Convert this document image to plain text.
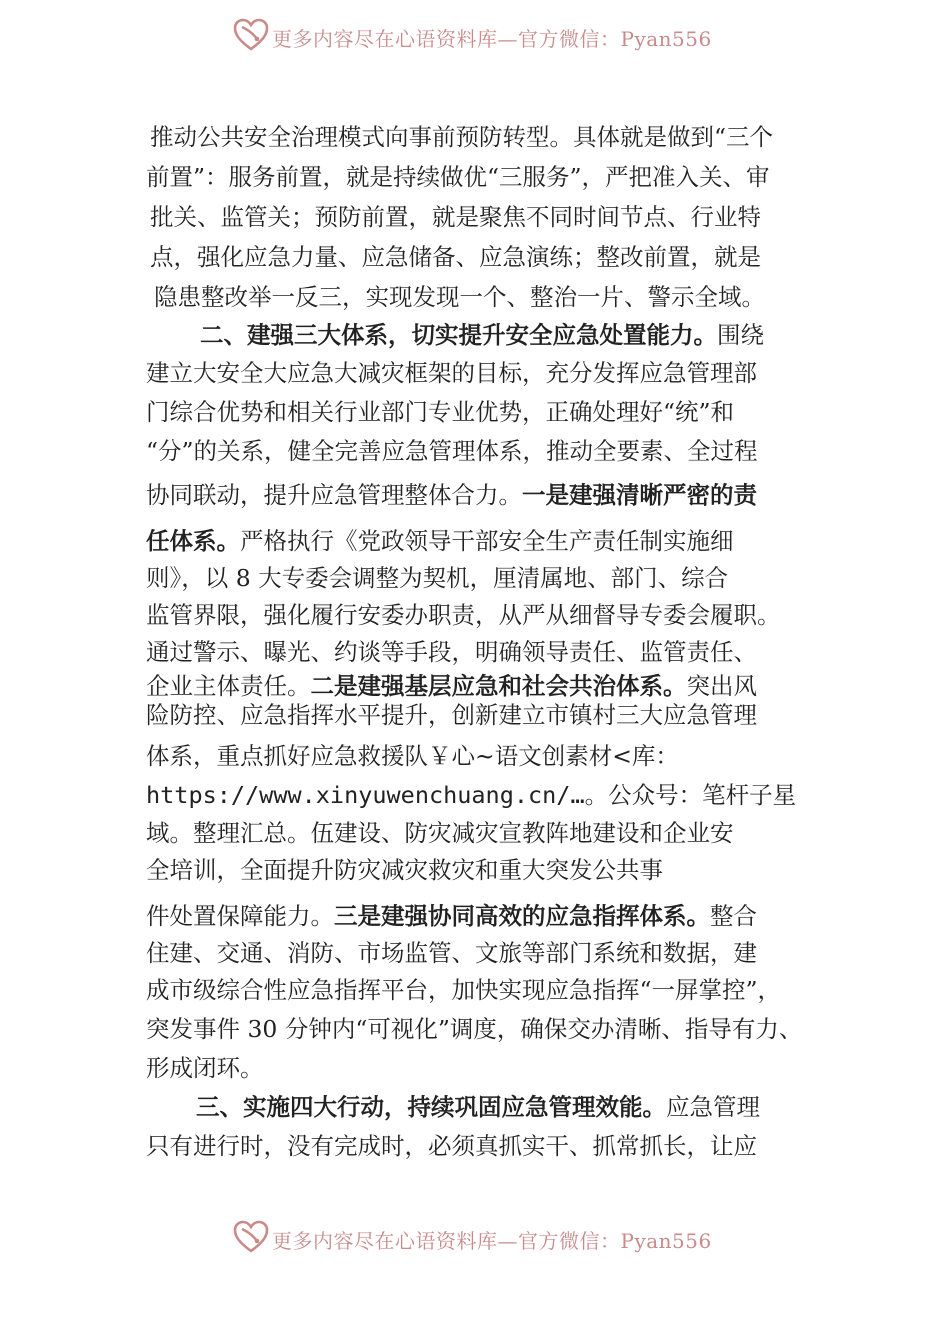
更多内容尽在心语资料库—官方微信：Pyan556
推动公共安全治理模式向事前预防转型。具体就是做到“三个
前置”：服务前置，就是持续做优“三服务”，严把准入关、审
批关、监管关；预防前置，就是聚焦不同时间节点、行业特
点，强化应急力量、应急储备、应急演练；整改前置，就是
隐患整改举一反三，实现发现一个、整治一片、警示全域。
二、建强三大体系，切实提升安全应急处置能力。围绕
建立大安全大应急大减灾框架的目标，充分发挥应急管理部
门综合优势和相关行业部门专业优势，正确处理好“统”和
“分”的关系，健全完善应急管理体系，推动全要素、全过程
协同联动，提升应急管理整体合力。一是建强清晰严密的责
任体系。严格执行《党政领导干部安全生产责任制实施细
则》，以 8 大专委会调整为契机，厘清属地、部门、综合
监管界限，强化履行安委办职责，从严从细督导专委会履职。
通过警示、曝光、约谈等手段，明确领导责任、监管责任、
企业主体责任。二是建强基层应急和社会共治体系。突出风
险防控、应急指挥水平提升，创新建立市镇村三大应急管理
体系，重点抓好应急救援队￥心~语文创素材<库：
https://www.xinyuwenchuang.cn/…。公众号：笔杆子星
域。整理汇总。伍建设、防灾减灾宣教阵地建设和企业安
全培训，全面提升防灾减灾救灾和重大突发公共事
件处置保障能力。三是建强协同高效的应急指挥体系。整合
住建、交通、消防、市场监管、文旅等部门系统和数据，建
成市级综合性应急指挥平台，加快实现应急指挥“一屏掌控”，
突发事件 30 分钟内“可视化”调度，确保交办清晰、指导有力、
形成闭环。
三、实施四大行动，持续巩固应急管理效能。应急管理
只有进行时，没有完成时，必须真抓实干、抓常抓长，让应
更多内容尽在心语资料库—官方微信：Pyan556
